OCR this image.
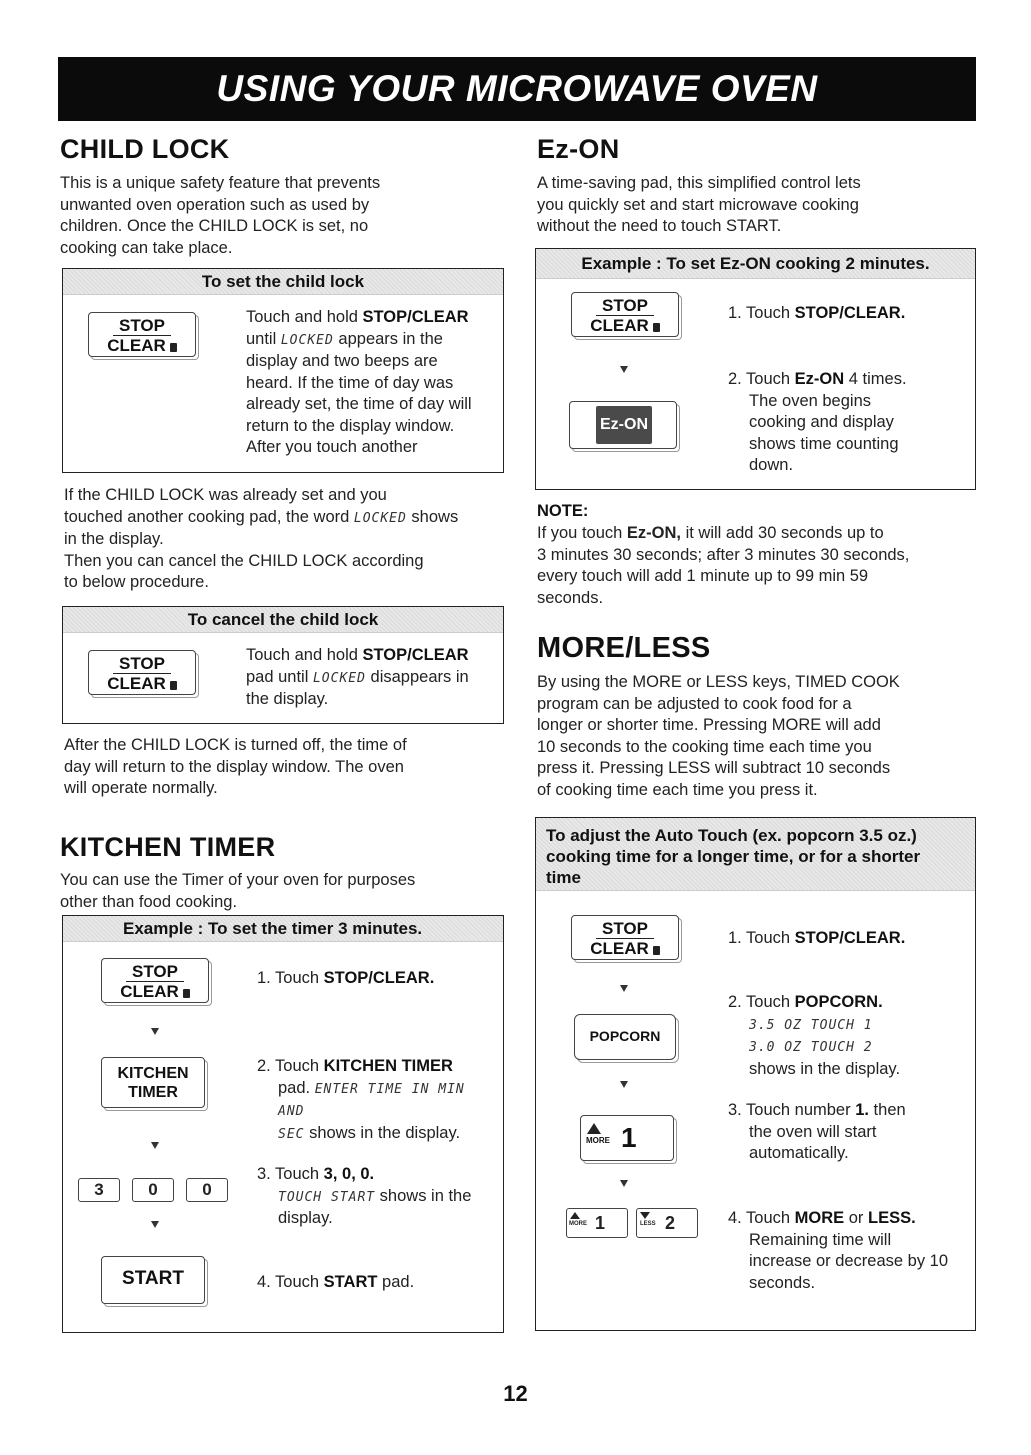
USING YOUR MICROWAVE OVEN
CHILD LOCK
This is a unique safety feature that prevents
unwanted oven operation such as used by
children. Once the CHILD LOCK is set, no
cooking can take place.
To set the child lock
STOP
CLEAR
Touch and hold STOP/CLEAR
until LOCKED appears in the
display and two beeps are
heard. If the time of day was
already set, the time of day will
return to the display window.
After you touch another
If the CHILD LOCK was already set and you
touched another cooking pad, the word LOCKED shows
in the display.
Then you can cancel the CHILD LOCK according
to below procedure.
To cancel the child lock
STOP
CLEAR
Touch and hold STOP/CLEAR
pad until LOCKED disappears in
the display.
After the CHILD LOCK is turned off, the time of
day will return to the display window. The oven
will operate normally.
KITCHEN TIMER
You can use the Timer of your oven for purposes
other than food cooking.
Example : To set the timer 3 minutes.
STOP
CLEAR
KITCHEN
TIMER
3	0	0
START
1. Touch STOP/CLEAR.
2. Touch KITCHEN TIMER
pad. ENTER TIME IN MIN AND
SEC shows in the display.
3. Touch 3, 0, 0.
TOUCH START shows in the
display.
4. Touch START pad.
Ez-ON
A time-saving pad, this simplified control lets
you quickly set and start microwave cooking
without the need to touch START.
Example : To set Ez-ON cooking 2 minutes.
STOP
CLEAR
Ez-ON
1. Touch STOP/CLEAR.
2. Touch Ez-ON 4 times.
The oven begins
cooking and display
shows time counting
down.
NOTE:
If you touch Ez-ON, it will add 30 seconds up to
3 minutes 30 seconds; after 3 minutes 30 seconds,
every touch will add 1 minute up to 99 min 59
seconds.
MORE/LESS
By using the MORE or LESS keys, TIMED COOK
program can be adjusted to cook food for a
longer or shorter time. Pressing MORE will add
10 seconds to the cooking time each time you
press it. Pressing LESS will subtract 10 seconds
of cooking time each time you press it.
To adjust the Auto Touch (ex. popcorn 3.5 oz.)
cooking time for a longer time, or for a shorter
time
STOP
CLEAR
POPCORN
MORE 1
MORE 1	LESS 2
1. Touch STOP/CLEAR.
2. Touch POPCORN.
3.5 OZ TOUCH 1
3.0 OZ TOUCH 2
shows in the display.
3. Touch number 1. then
the oven will start
automatically.
4. Touch MORE or LESS.
Remaining time will
increase or decrease by 10
seconds.
12
